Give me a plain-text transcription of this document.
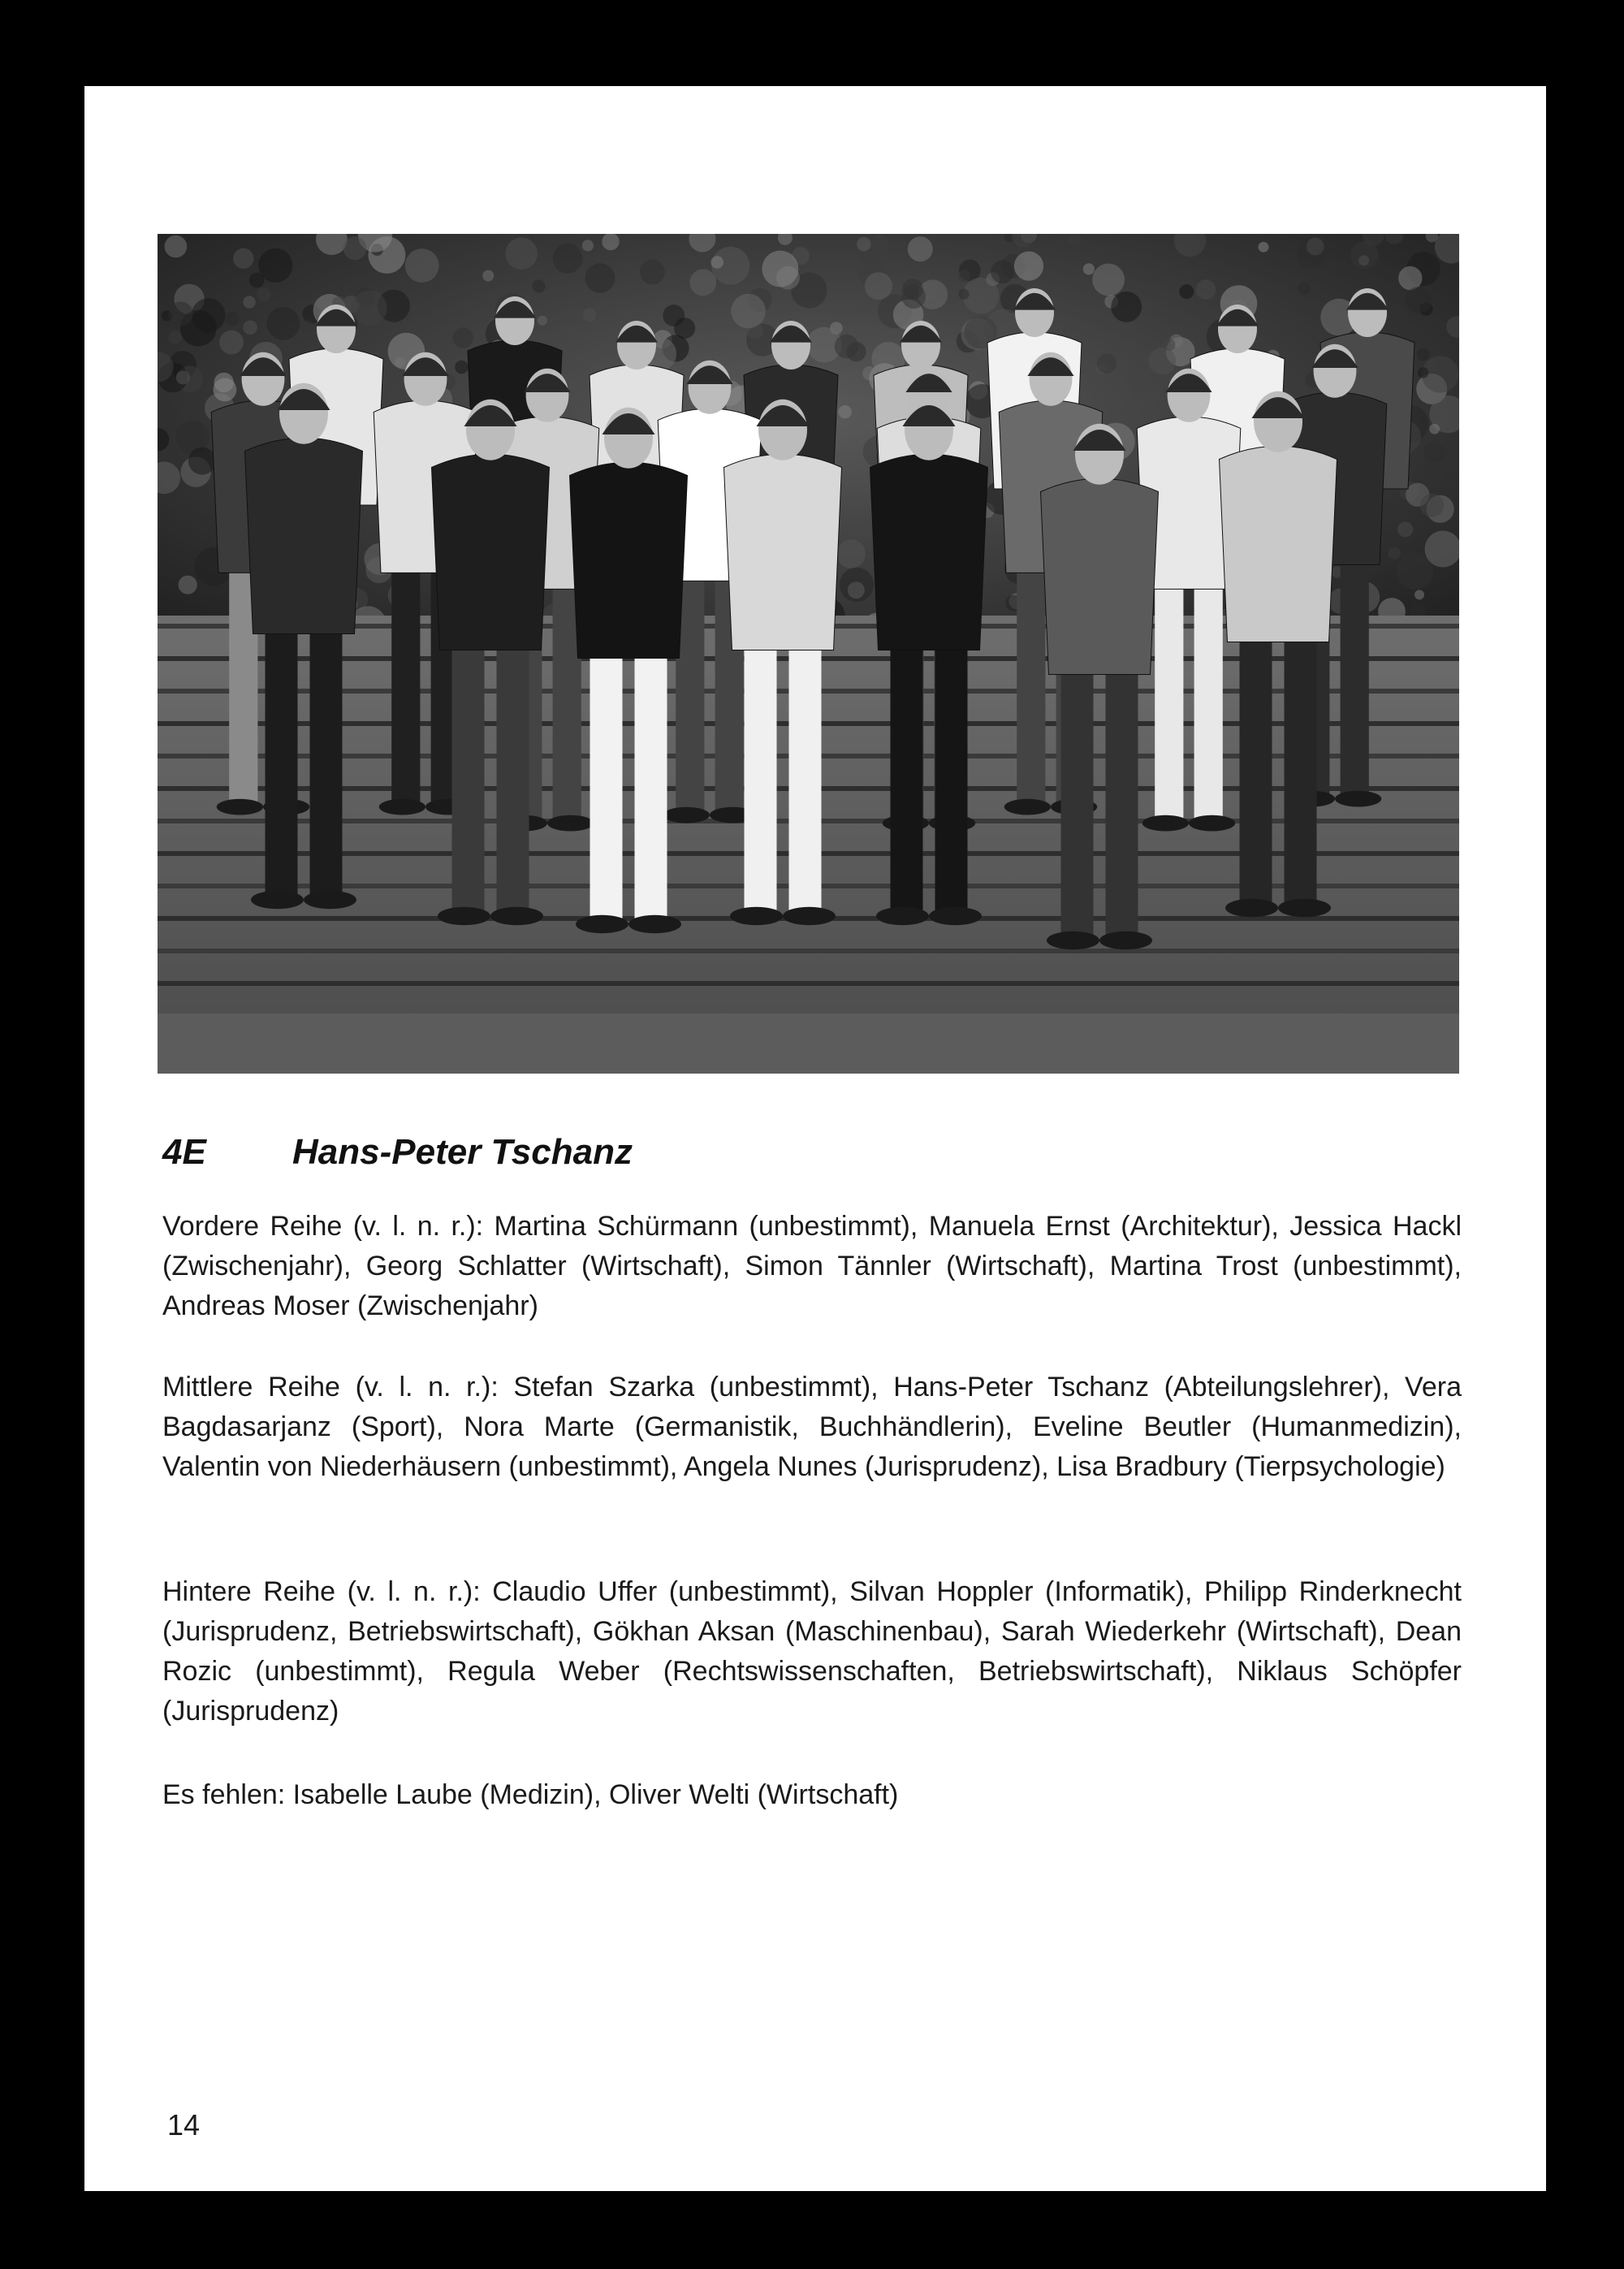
4E Hans-Peter Tschanz

Vordere Reihe (v. l. n. r.): Martina Schürmann (unbestimmt), Manuela Ernst (Architektur), Jessica Hackl (Zwischenjahr), Georg Schlatter (Wirtschaft), Simon Tännler (Wirtschaft), Martina Trost (unbestimmt), Andreas Moser (Zwischenjahr)

Mittlere Reihe (v. l. n. r.): Stefan Szarka (unbestimmt), Hans-Peter Tschanz (Abteilungslehrer), Vera Bagdasarjanz (Sport), Nora Marte (Germanistik, Buchhändlerin), Eveline Beutler (Humanmedizin), Valentin von Niederhäusern (unbestimmt), Angela Nunes (Jurisprudenz), Lisa Bradbury (Tierpsychologie)

Hintere Reihe (v. l. n. r.): Claudio Uffer (unbestimmt), Silvan Hoppler (Informatik), Philipp Rinderknecht (Jurisprudenz, Betriebswirtschaft), Gökhan Aksan (Maschinenbau), Sarah Wiederkehr (Wirtschaft), Dean Rozic (unbestimmt), Regula Weber (Rechtswissenschaften, Betriebswirtschaft), Niklaus Schöpfer (Jurisprudenz)

Es fehlen: Isabelle Laube (Medizin), Oliver Welti (Wirtschaft)

14
